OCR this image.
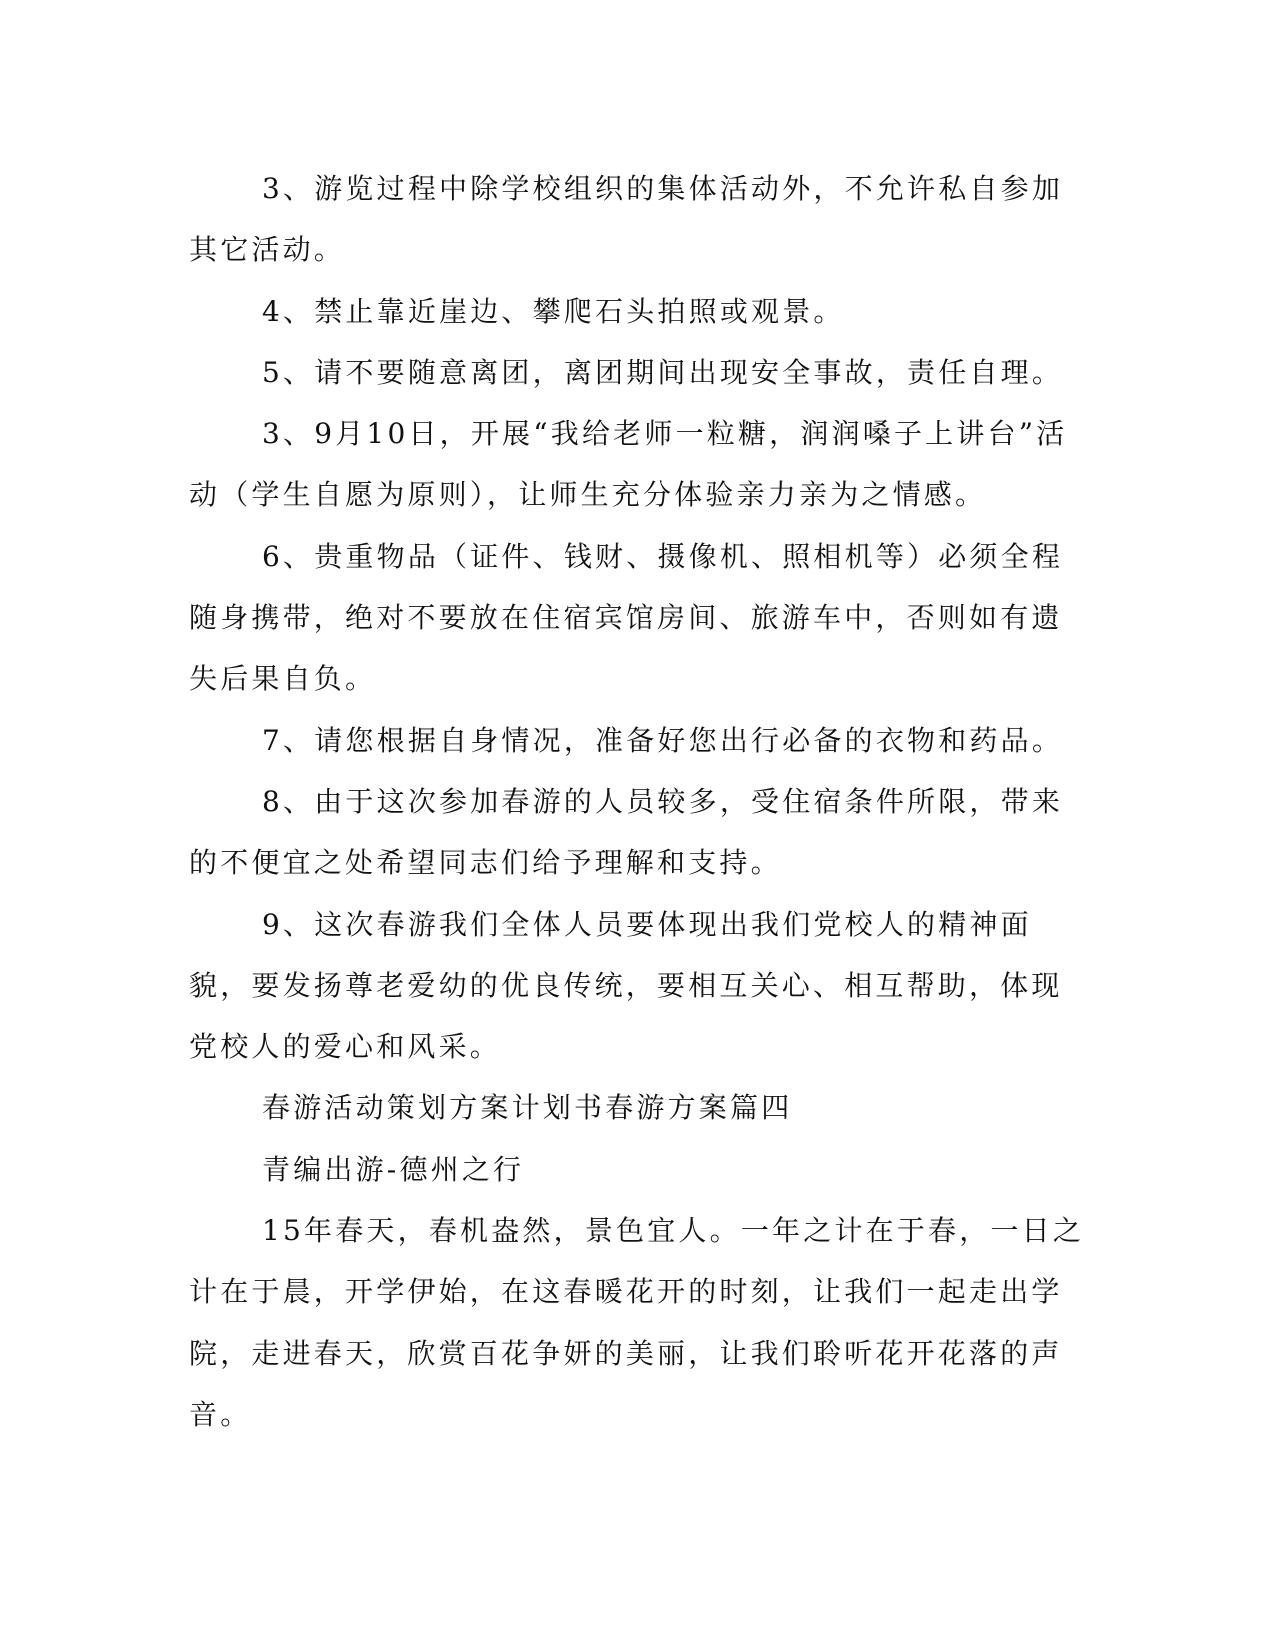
3、游览过程中除学校组织的集体活动外，不允许私自参加其它活动。

4、禁止靠近崖边、攀爬石头拍照或观景。

5、请不要随意离团，离团期间出现安全事故，责任自理。

3、9月10日，开展“我给老师一粒糖，润润嗓子上讲台”活动（学生自愿为原则），让师生充分体验亲力亲为之情感。

6、贵重物品（证件、钱财、摄像机、照相机等）必须全程随身携带，绝对不要放在住宿宾馆房间、旅游车中，否则如有遗失后果自负。

7、请您根据自身情况，准备好您出行必备的衣物和药品。

8、由于这次参加春游的人员较多，受住宿条件所限，带来的不便宜之处希望同志们给予理解和支持。

9、这次春游我们全体人员要体现出我们党校人的精神面貌，要发扬尊老爱幼的优良传统，要相互关心、相互帮助，体现党校人的爱心和风采。

春游活动策划方案计划书春游方案篇四

青编出游-德州之行

15年春天，春机盎然，景色宜人。一年之计在于春，一日之计在于晨，开学伊始，在这春暖花开的时刻，让我们一起走出学院，走进春天，欣赏百花争妍的美丽，让我们聆听花开花落的声音。
